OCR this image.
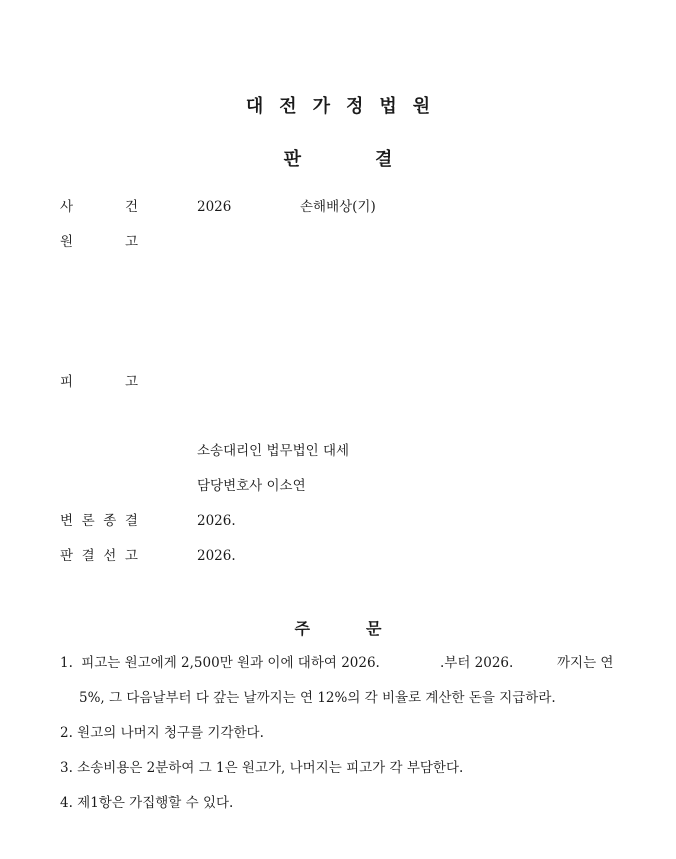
대 전 가 정 법 원
판	결
사	건	2026	손해배상(기)
원	고
피	고
소송대리인 법무법인 대세
담당변호사 이소연
변 론 종 결	2026.
판 결 선 고	2026.
주	문
1. 피고는 원고에게 2,500만 원과 이에 대하여 2026.	.부터 2026.	까지는 연
5%, 그 다음날부터 다 갚는 날까지는 연 12%의 각 비율로 계산한 돈을 지급하라.
2. 원고의 나머지 청구를 기각한다.
3. 소송비용은 2분하여 그 1은 원고가, 나머지는 피고가 각 부담한다.
4. 제1항은 가집행할 수 있다.
